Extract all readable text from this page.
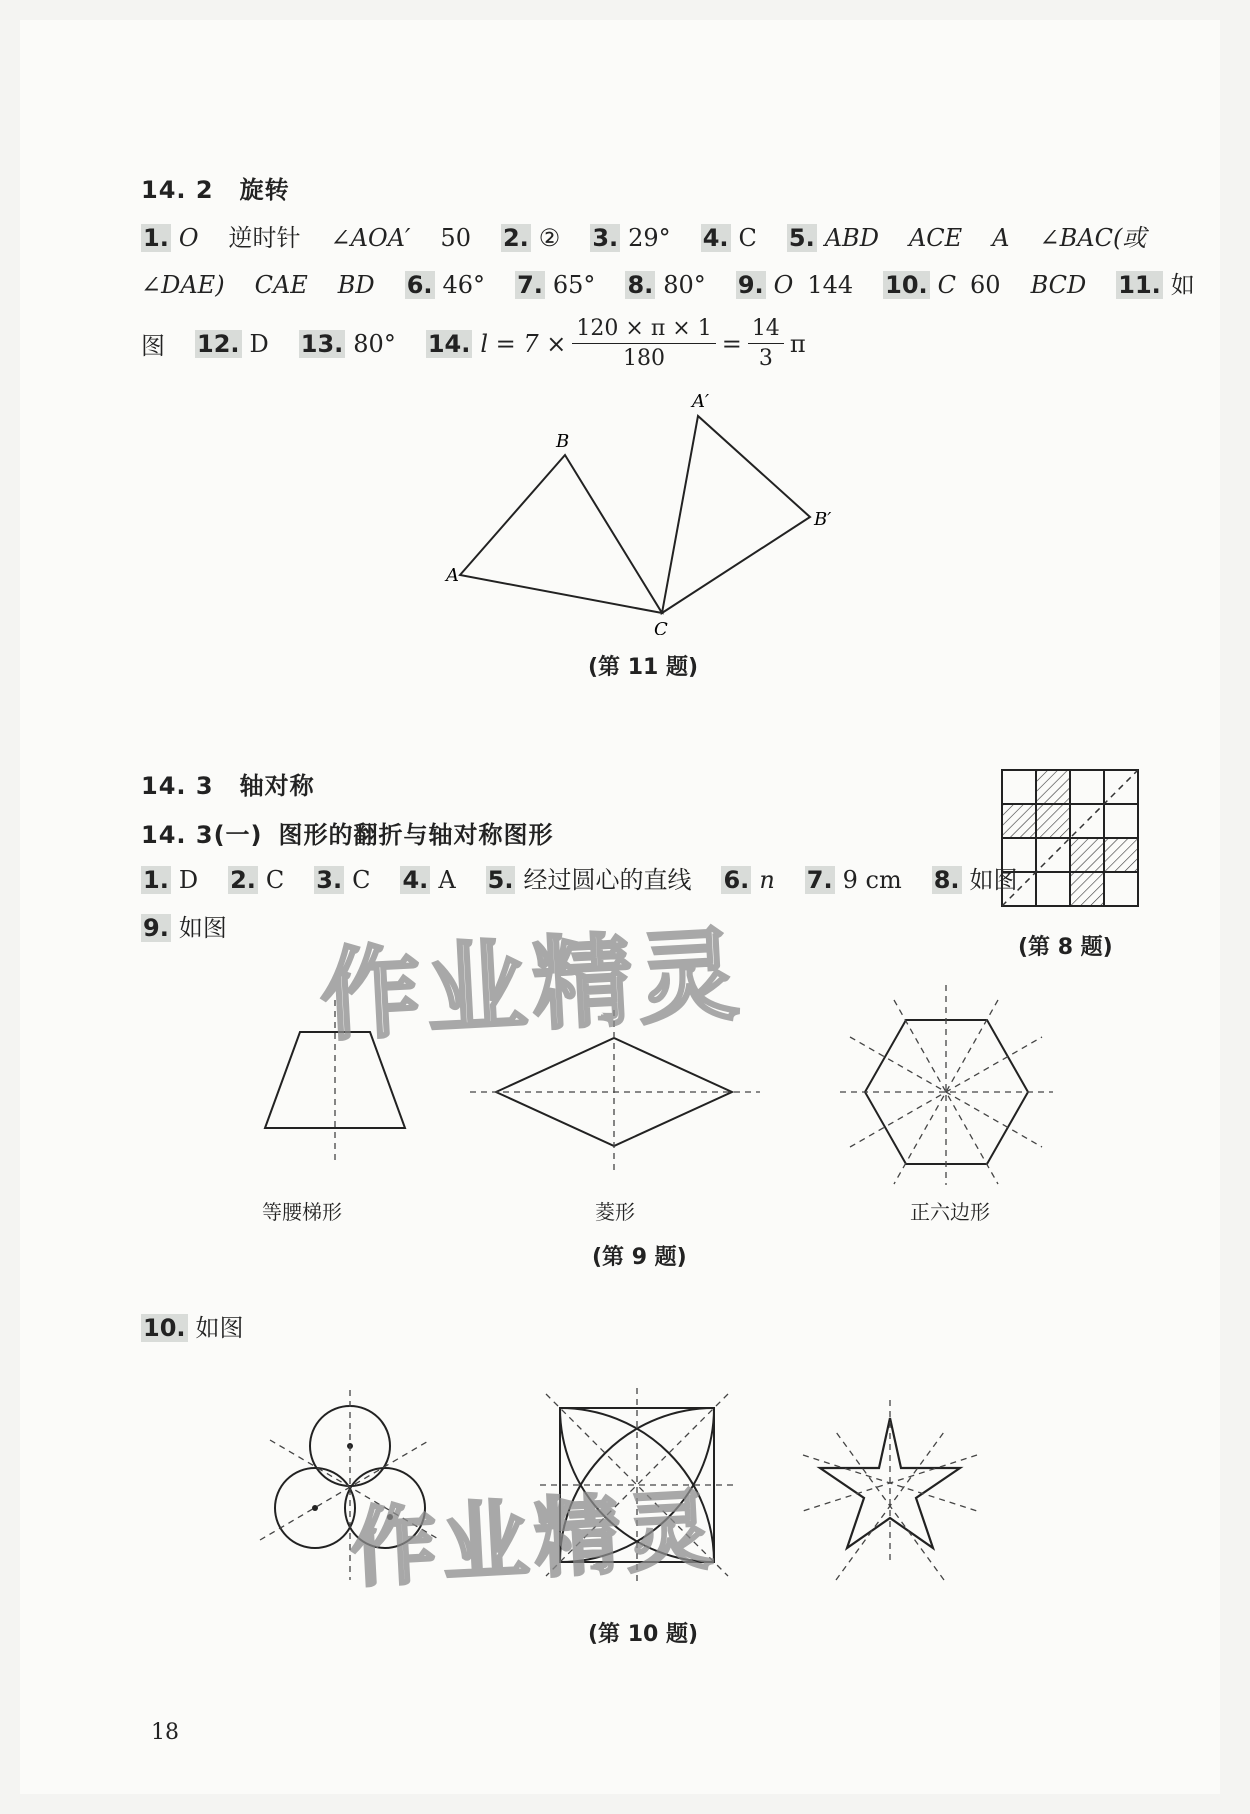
14. 2 旋转
1. O 逆时针 ∠AOA′ 50 2. ② 3. 29° 4. C 5. ABD ACE A ∠BAC(或
∠DAE) CAE BD 6. 46° 7. 65° 8. 80° 9. O 144 10. C 60 BCD 11. 如
图 12. D 13. 80° 14. $l = 7 \times \frac{120 \times \pi \times 1}{180} = \frac{14}{3}$ π
A
B
C
A′
B′
(第 11 题)
14. 3 轴对称
14. 3(一) 图形的翻折与轴对称图形
1. D 2. C 3. C 4. A 5. 经过圆心的直线 6. n 7. 9 cm 8. 如图
9. 如图
(第 8 题)
等腰梯形	菱形	正六边形
(第 9 题)
10. 如图
(第 10 题)
作业精灵
作业精灵
18
